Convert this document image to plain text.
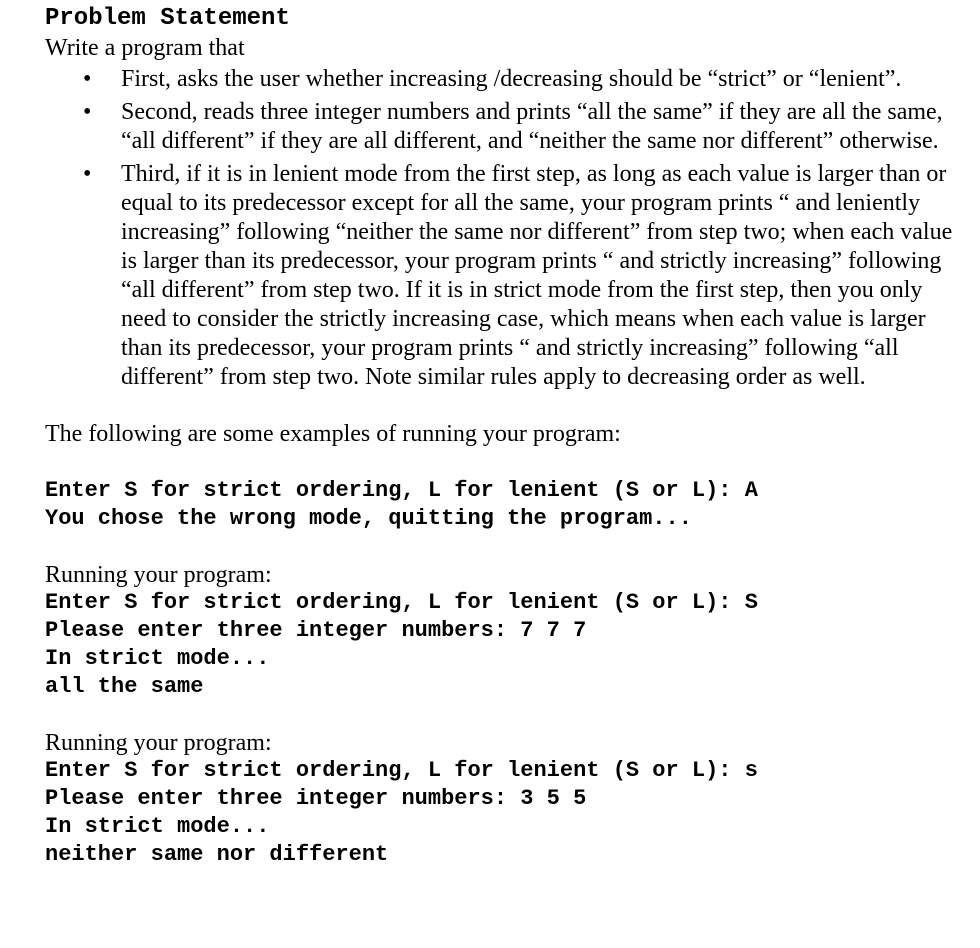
Problem Statement
Write a program that
• First, asks the user whether increasing /decreasing should be “strict” or “lenient”.
• Second, reads three integer numbers and prints “all the same” if they are all the same, “all different” if they are all different, and “neither the same nor different” otherwise.
• Third, if it is in lenient mode from the first step, as long as each value is larger than or equal to its predecessor except for all the same, your program prints “ and leniently increasing” following “neither the same nor different” from step two; when each value is larger than its predecessor, your program prints “ and strictly increasing” following “all different” from step two. If it is in strict mode from the first step, then you only need to consider the strictly increasing case, which means when each value is larger than its predecessor, your program prints “ and strictly increasing” following “all different” from step two. Note similar rules apply to decreasing order as well.
The following are some examples of running your program:
Enter S for strict ordering, L for lenient (S or L): A
You chose the wrong mode, quitting the program...
Running your program:
Enter S for strict ordering, L for lenient (S or L): S
Please enter three integer numbers: 7 7 7
In strict mode...
all the same
Running your program:
Enter S for strict ordering, L for lenient (S or L): s
Please enter three integer numbers: 3 5 5
In strict mode...
neither same nor different
